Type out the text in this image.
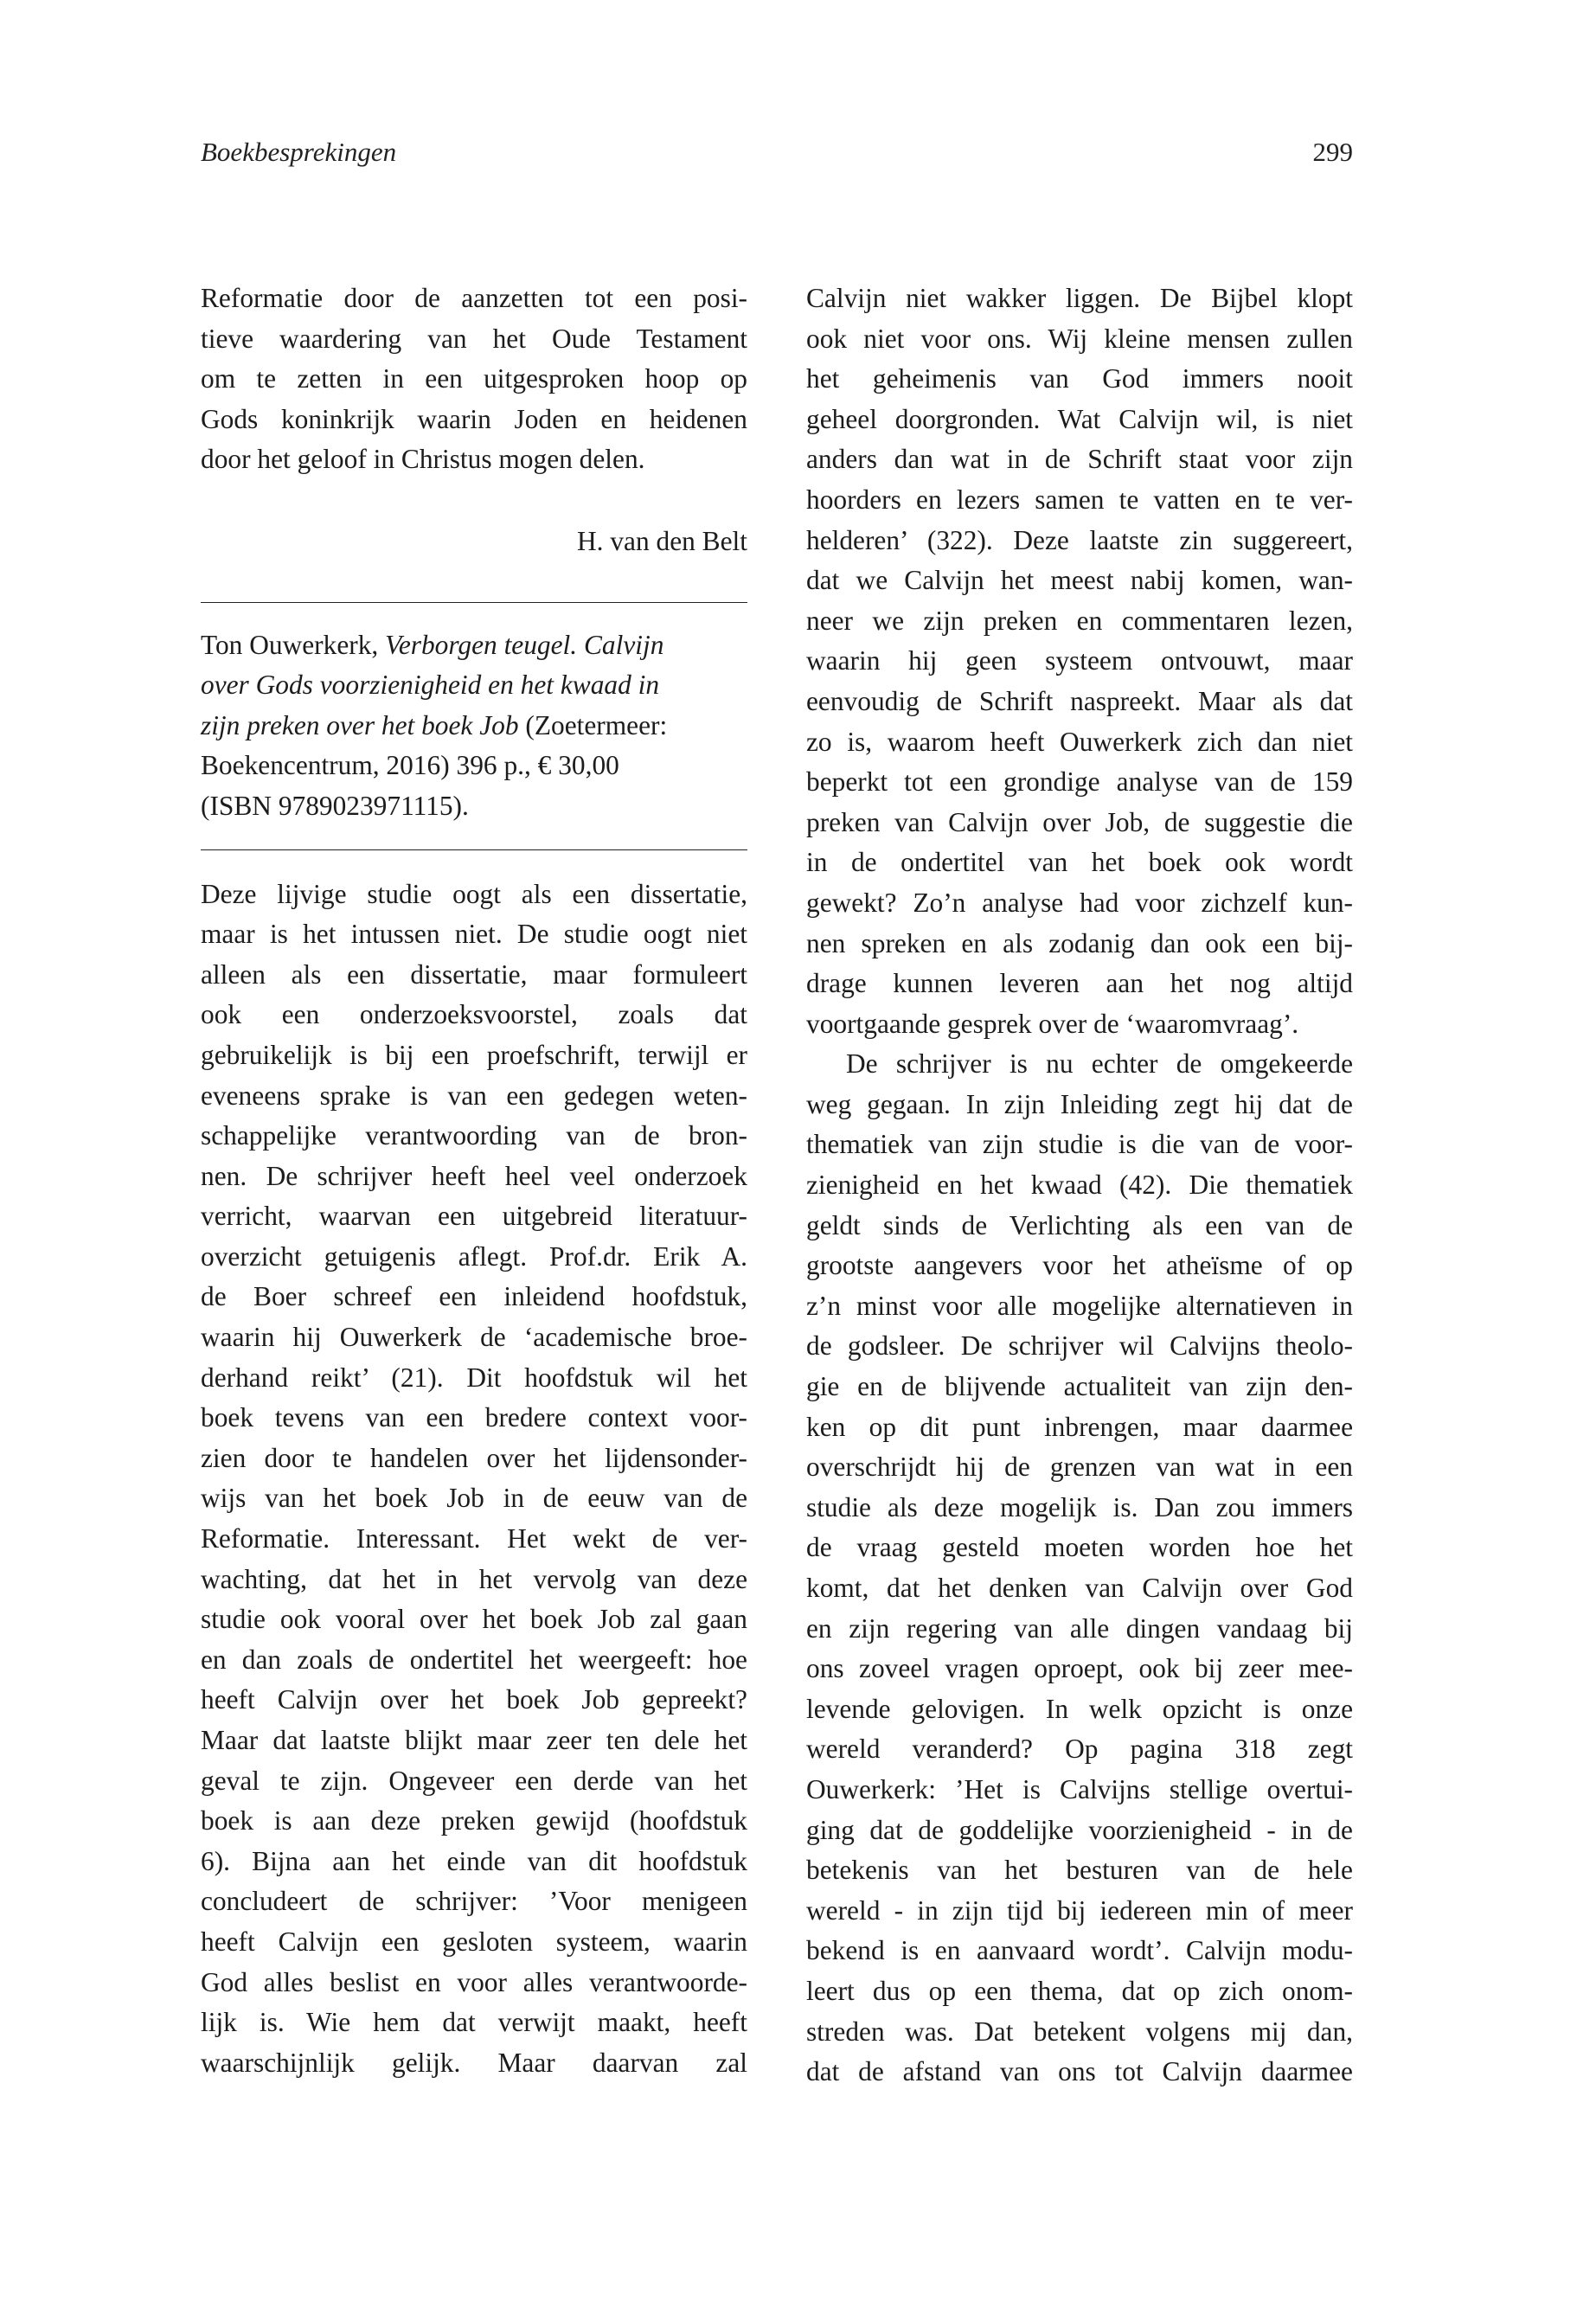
Boekbesprekingen	299
Reformatie door de aanzetten tot een posi-
tieve waardering van het Oude Testament
om te zetten in een uitgesproken hoop op
Gods koninkrijk waarin Joden en heidenen
door het geloof in Christus mogen delen.
H. van den Belt
Ton Ouwerkerk, Verborgen teugel. Calvijn
over Gods voorzienigheid en het kwaad in
zijn preken over het boek Job (Zoetermeer:
Boekencentrum, 2016) 396 p., € 30,00
(ISBN 9789023971115).
Deze lijvige studie oogt als een dissertatie,
maar is het intussen niet. De studie oogt niet
alleen als een dissertatie, maar formuleert
ook een onderzoeksvoorstel, zoals dat
gebruikelijk is bij een proefschrift, terwijl er
eveneens sprake is van een gedegen weten-
schappelijke verantwoording van de bron-
nen. De schrijver heeft heel veel onderzoek
verricht, waarvan een uitgebreid literatuur-
overzicht getuigenis aflegt. Prof.dr. Erik A.
de Boer schreef een inleidend hoofdstuk,
waarin hij Ouwerkerk de ‘academische broe-
derhand reikt’ (21). Dit hoofdstuk wil het
boek tevens van een bredere context voor-
zien door te handelen over het lijdensonder-
wijs van het boek Job in de eeuw van de
Reformatie. Interessant. Het wekt de ver-
wachting, dat het in het vervolg van deze
studie ook vooral over het boek Job zal gaan
en dan zoals de ondertitel het weergeeft: hoe
heeft Calvijn over het boek Job gepreekt?
Maar dat laatste blijkt maar zeer ten dele het
geval te zijn. Ongeveer een derde van het
boek is aan deze preken gewijd (hoofdstuk
6). Bijna aan het einde van dit hoofdstuk
concludeert de schrijver: ’Voor menigeen
heeft Calvijn een gesloten systeem, waarin
God alles beslist en voor alles verantwoorde-
lijk is. Wie hem dat verwijt maakt, heeft
waarschijnlijk gelijk. Maar daarvan zal
Calvijn niet wakker liggen. De Bijbel klopt
ook niet voor ons. Wij kleine mensen zullen
het geheimenis van God immers nooit
geheel doorgronden. Wat Calvijn wil, is niet
anders dan wat in de Schrift staat voor zijn
hoorders en lezers samen te vatten en te ver-
helderen’ (322). Deze laatste zin suggereert,
dat we Calvijn het meest nabij komen, wan-
neer we zijn preken en commentaren lezen,
waarin hij geen systeem ontvouwt, maar
eenvoudig de Schrift naspreekt. Maar als dat
zo is, waarom heeft Ouwerkerk zich dan niet
beperkt tot een grondige analyse van de 159
preken van Calvijn over Job, de suggestie die
in de ondertitel van het boek ook wordt
gewekt? Zo’n analyse had voor zichzelf kun-
nen spreken en als zodanig dan ook een bij-
drage kunnen leveren aan het nog altijd
voortgaande gesprek over de ‘waaromvraag’.
De schrijver is nu echter de omgekeerde
weg gegaan. In zijn Inleiding zegt hij dat de
thematiek van zijn studie is die van de voor-
zienigheid en het kwaad (42). Die thematiek
geldt sinds de Verlichting als een van de
grootste aangevers voor het atheïsme of op
z’n minst voor alle mogelijke alternatieven in
de godsleer. De schrijver wil Calvijns theolo-
gie en de blijvende actualiteit van zijn den-
ken op dit punt inbrengen, maar daarmee
overschrijdt hij de grenzen van wat in een
studie als deze mogelijk is. Dan zou immers
de vraag gesteld moeten worden hoe het
komt, dat het denken van Calvijn over God
en zijn regering van alle dingen vandaag bij
ons zoveel vragen oproept, ook bij zeer mee-
levende gelovigen. In welk opzicht is onze
wereld veranderd? Op pagina 318 zegt
Ouwerkerk: ’Het is Calvijns stellige overtui-
ging dat de goddelijke voorzienigheid - in de
betekenis van het besturen van de hele
wereld - in zijn tijd bij iedereen min of meer
bekend is en aanvaard wordt’. Calvijn modu-
leert dus op een thema, dat op zich onom-
streden was. Dat betekent volgens mij dan,
dat de afstand van ons tot Calvijn daarmee
